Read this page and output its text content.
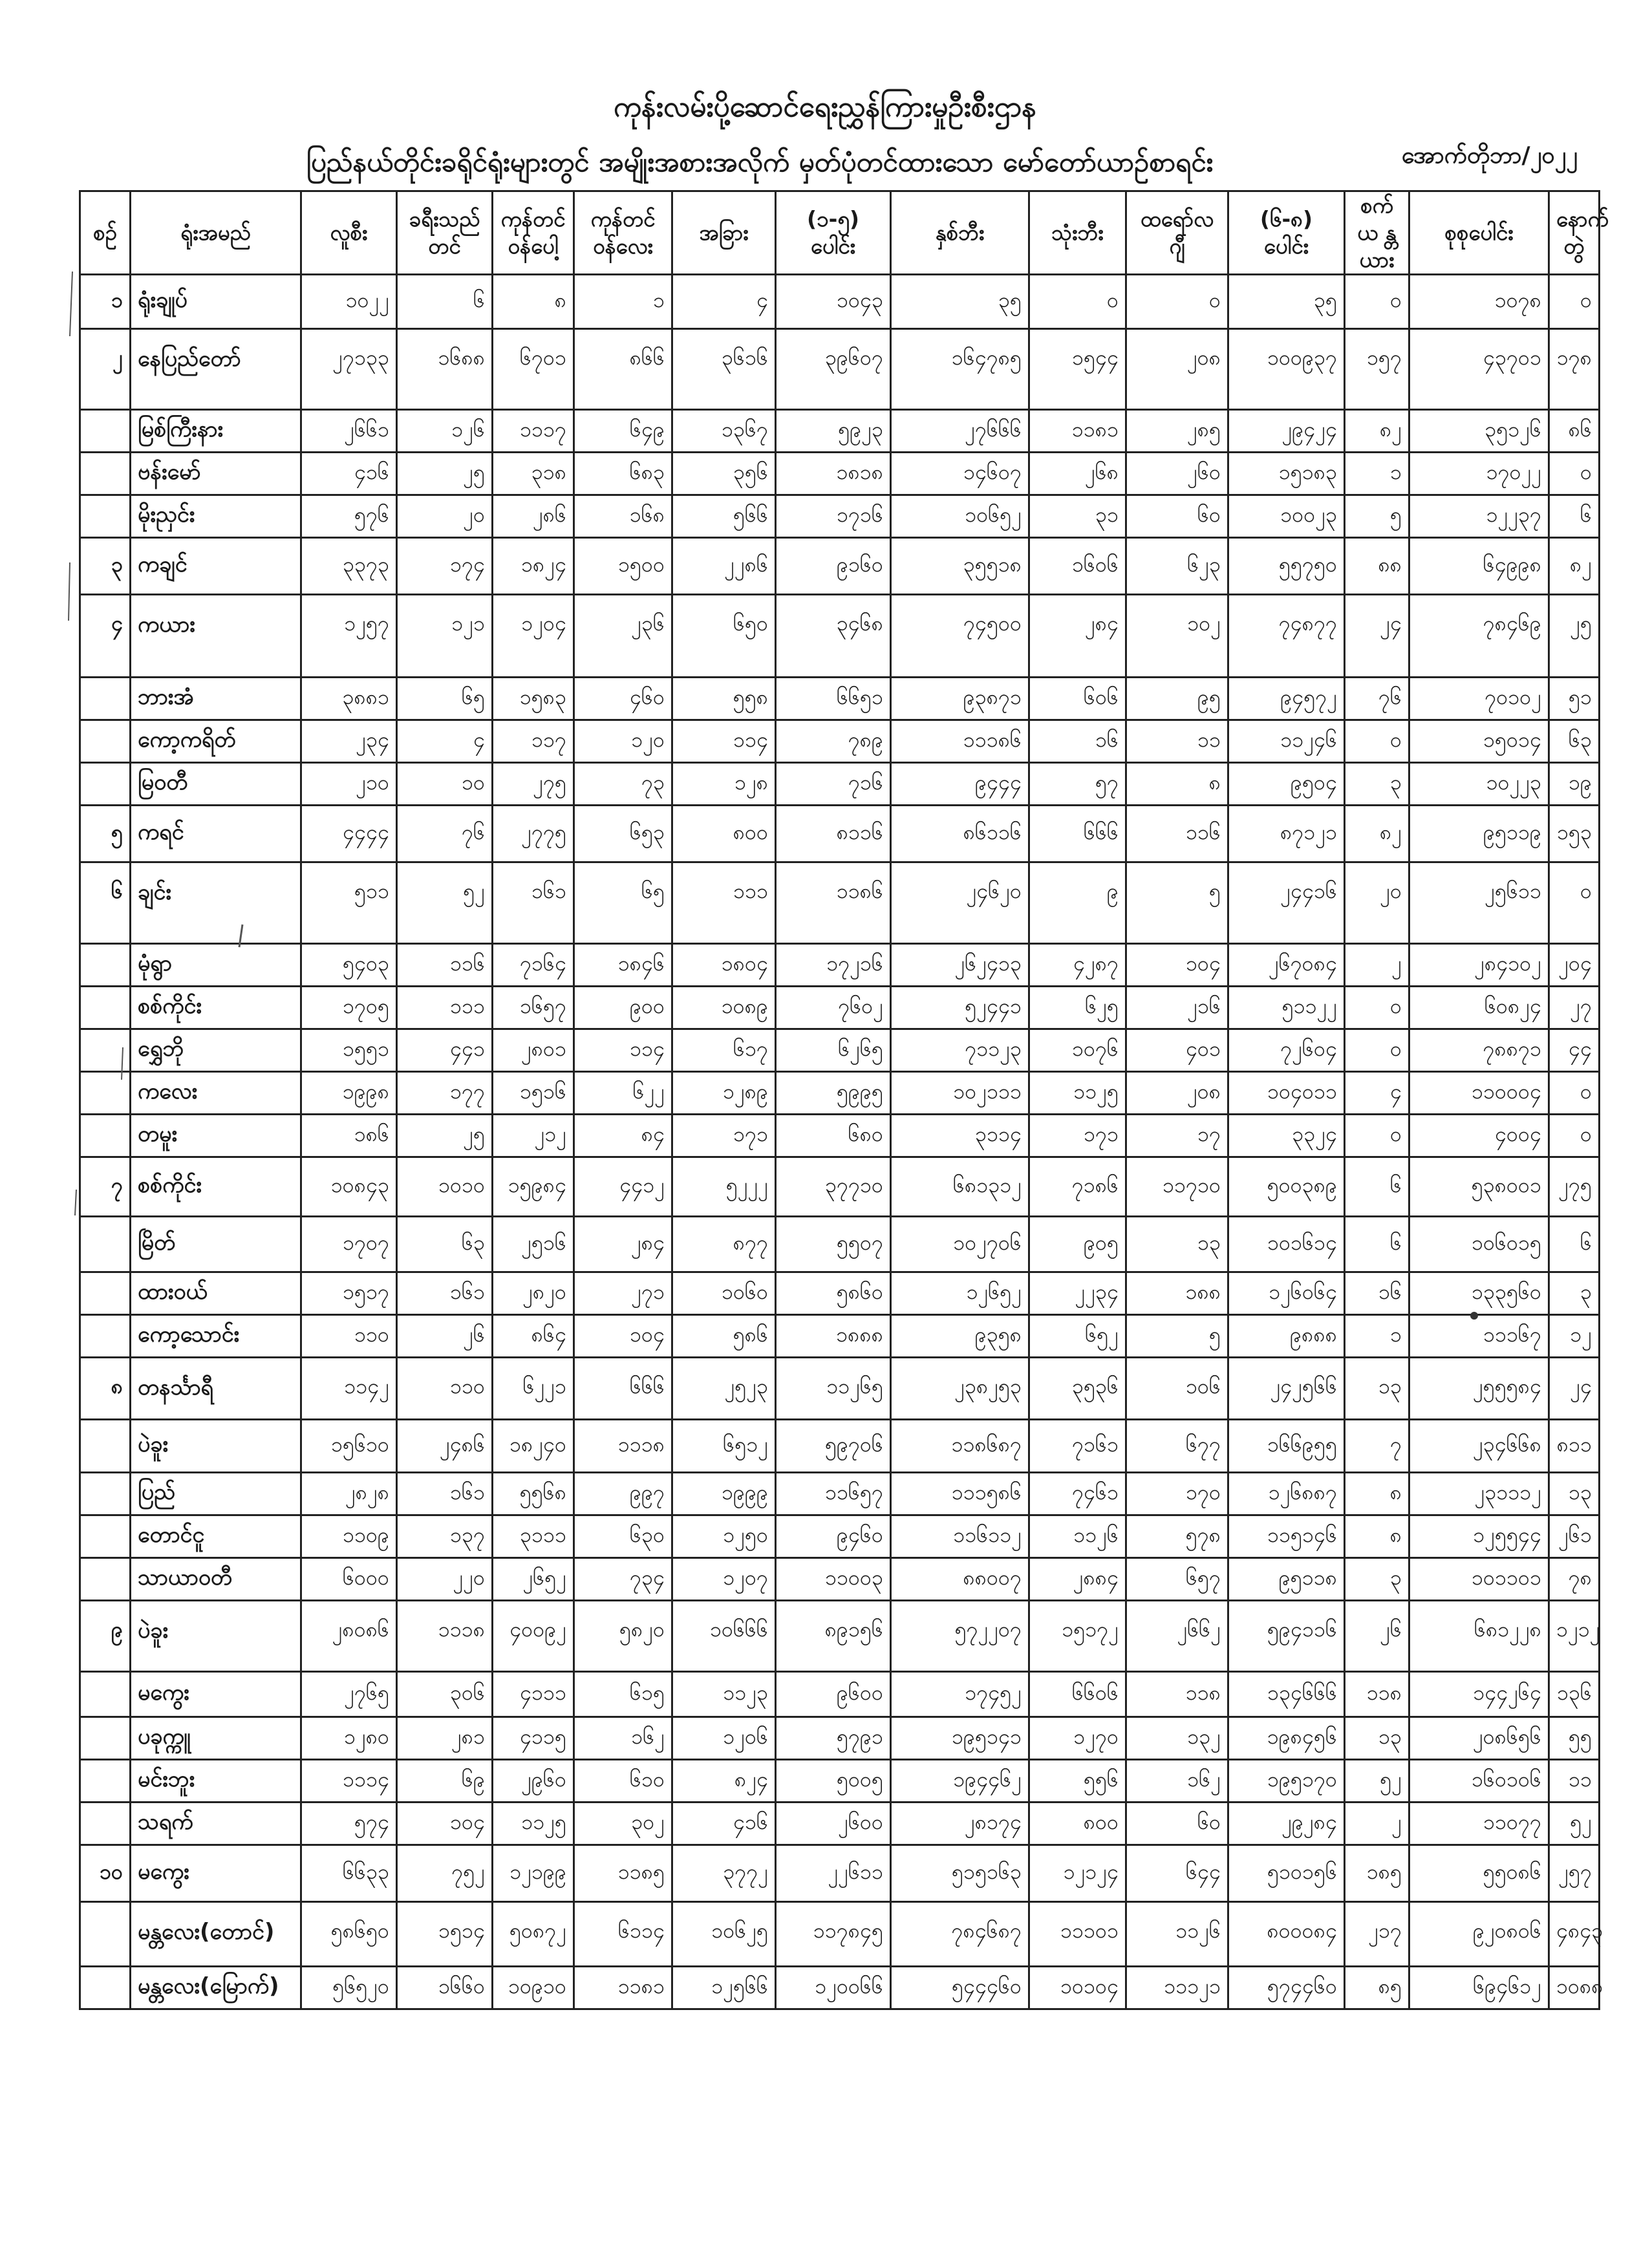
ကုန်းလမ်းပို့ဆောင်ရေးညွှန်ကြားမှုဦးစီးဌာန
ပြည်နယ်တိုင်းခရိုင်ရုံးများတွင် အမျိုးအစားအလိုက် မှတ်ပုံတင်ထားသော မော်တော်ယာဉ်စာရင်း	အောက်တိုဘာ/၂၀၂၂
စဉ်	ရုံးအမည်	လူစီး	ခရီးသည် တင်	ကုန်တင် ဝန်ပေါ့	ကုန်တင် ဝန်လေး	အခြား	(၁-၅) ပေါင်း	နှစ်ဘီး	သုံးဘီး	ထရော်လ ဂျီ	(၆-၈) ပေါင်း	စက်ယ န္တယား	စုစုပေါင်း	နောက်တွဲ
၁	ရုံးချုပ်	၁၀၂၂	၆	၈	၁	၄	၁၀၄၃	၃၅	၀	၀	၃၅	၀	၁၀၇၈	၀
၂	နေပြည်တော်	၂၇၁၃၃	၁၆၈၈	၆၇၀၁	၈၆၆	၃၆၁၆	၃၉၆၀၇	၁၆၄၇၈၅	၁၅၄၄	၂၀၈	၁၀၀၉၃၇	၁၅၇	၄၃၇၀၁	၁၇၈
	မြစ်ကြီးနား	၂၆၆၁	၁၂၆	၁၁၁၇	၆၄၉	၁၃၆၇	၅၉၂၃	၂၇၆၆၆	၁၁၈၁	၂၈၅	၂၉၄၂၄	၈၂	၃၅၁၂၆	၈၆
	ဗန်းမော်	၄၁၆	၂၅	၃၁၈	၆၈၃	၃၅၆	၁၈၁၈	၁၄၆၀၇	၂၆၈	၂၆၀	၁၅၁၈၃	၁	၁၇၀၂၂	၀
	မိုးညှင်း	၅၇၆	၂၀	၂၈၆	၁၆၈	၅၆၆	၁၇၁၆	၁၀၆၅၂	၃၁	၆၀	၁၀၀၂၃	၅	၁၂၂၃၇	၆
၃	ကချင်	၃၃၇၃	၁၇၄	၁၈၂၄	၁၅၀၀	၂၂၈၆	၉၁၆၀	၃၅၅၁၈	၁၆၀၆	၆၂၃	၅၅၇၅၀	၈၈	၆၄၉၉၈	၈၂
၄	ကယား	၁၂၅၇	၁၂၁	၁၂၀၄	၂၃၆	၆၅၀	၃၄၆၈	၇၄၅၀၀	၂၈၄	၁၀၂	၇၄၈၇၇	၂၄	၇၈၄၆၉	၂၅
	ဘားအံ	၃၈၈၁	၆၅	၁၅၈၃	၄၆၀	၅၅၈	၆၆၅၁	၉၃၈၇၁	၆၀၆	၉၅	၉၄၅၇၂	၇၆	၇၀၁၀၂	၅၁
	ကော့ကရိတ်	၂၃၄	၄	၁၁၇	၁၂၀	၁၁၄	၇၈၉	၁၁၁၈၆	၁၆	၁၁	၁၁၂၄၆	၀	၁၅၀၁၄	၆၃
	မြဝတီ	၂၁၀	၁၀	၂၇၅	၇၃	၁၂၈	၇၁၆	၉၄၄၄	၅၇	၈	၉၅၀၄	၃	၁၀၂၂၃	၁၉
၅	ကရင်	၄၄၄၄	၇၆	၂၇၇၅	၆၅၃	၈၀၀	၈၁၁၆	၈၆၁၁၆	၆၆၆	၁၁၆	၈၇၁၂၁	၈၂	၉၅၁၁၉	၁၅၃
၆	ချင်း	၅၁၁	၅၂	၁၆၁	၆၅	၁၁၁	၁၁၈၆	၂၄၆၂၀	၉	၅	၂၄၄၁၆	၂၀	၂၅၆၁၁	၀
	မုံရွာ	၅၄၀၃	၁၁၆	၇၁၆၄	၁၈၄၆	၁၈၀၄	၁၇၂၁၆	၂၆၂၄၁၃	၄၂၈၇	၁၀၄	၂၆၇၀၈၄	၂	၂၈၄၁၀၂	၂၀၄
	စစ်ကိုင်း	၁၇၀၅	၁၁၁	၁၆၅၇	၉၀၀	၁၀၈၉	၇၆၀၂	၅၂၄၄၁	၆၂၅	၂၁၆	၅၁၁၂၂	၀	၆၀၈၂၄	၂၇
	ရွှေဘို	၁၅၅၁	၄၄၁	၂၈၀၁	၁၁၄	၆၁၇	၆၂၆၅	၇၁၁၂၃	၁၀၇၆	၄၀၁	၇၂၆၀၄	၀	၇၈၈၇၁	၄၄
	ကလေး	၁၉၉၈	၁၇၇	၁၅၁၆	၆၂၂	၁၂၈၉	၅၉၉၅	၁၀၂၁၁၁	၁၁၂၅	၂၀၈	၁၀၄၀၁၁	၄	၁၁၀၀၀၄	၀
	တမူး	၁၈၆	၂၅	၂၁၂	၈၄	၁၇၁	၆၈၀	၃၁၁၄	၁၇၁	၁၇	၃၃၂၄	၀	၄၀၀၄	၀
၇	စစ်ကိုင်း	၁၀၈၄၃	၁၀၁၀	၁၅၉၈၄	၄၄၁၂	၅၂၂၂	၃၇၇၁၀	၆၈၁၃၁၂	၇၁၈၆	၁၁၇၁၀	၅၀၀၃၈၉	၆	၅၃၈၀၀၁	၂၇၅
	မြိတ်	၁၇၀၇	၆၃	၂၅၁၆	၂၈၄	၈၇၇	၅၅၀၇	၁၀၂၇၀၆	၉၀၅	၁၃	၁၀၁၆၁၄	၆	၁၀၆၀၁၅	၆
	ထားဝယ်	၁၅၁၇	၁၆၁	၂၈၂၀	၂၇၁	၁၀၆၀	၅၈၆၀	၁၂၆၅၂	၂၂၃၄	၁၈၈	၁၂၆၀၆၄	၁၆	၁၃၃၅၆၀	၃
	ကော့သောင်း	၁၁၀	၂၆	၈၆၄	၁၀၄	၅၈၆	၁၈၈၈	၉၃၅၈	၆၅၂	၅	၉၈၈၈	၁	၁၁၁၆၇	၁၂
၈	တနင်္သာရီ	၁၁၄၂	၁၁၀	၆၂၂၁	၆၆၆	၂၅၂၃	၁၁၂၆၅	၂၃၈၂၅၃	၃၅၃၆	၁၀၆	၂၄၂၅၆၆	၁၃	၂၅၅၅၈၄	၂၄
	ပဲခူး	၁၅၆၁၀	၂၄၈၆	၁၈၂၄၀	၁၁၁၈	၆၅၁၂	၅၉၇၀၆	၁၁၈၆၈၇	၇၁၆၁	၆၇၇	၁၆၆၉၅၅	၇	၂၃၄၆၆၈	၈၁၁
	ပြည်	၂၈၂၈	၁၆၁	၅၅၆၈	၉၉၇	၁၉၉၉	၁၁၆၅၇	၁၁၁၅၈၆	၇၄၆၁	၁၇၀	၁၂၆၈၈၇	၈	၂၃၁၁၁၂	၁၃
	တောင်ငူ	၁၁၀၉	၁၃၇	၃၁၁၁	၆၃၀	၁၂၅၀	၉၄၆၀	၁၁၆၁၁၂	၁၁၂၆	၅၇၈	၁၁၅၁၄၆	၈	၁၂၅၅၄၄	၂၆၁
	သာယာဝတီ	၆၀၀၀	၂၂၀	၂၆၅၂	၇၃၄	၁၂၀၇	၁၁၀၀၃	၈၈၀၀၇	၂၈၈၄	၆၅၇	၉၅၁၁၈	၃	၁၀၁၁၀၁	၇၈
၉	ပဲခူး	၂၈၀၈၆	၁၁၁၈	၄၀၀၉၂	၅၈၂၀	၁၀၆၆၆	၈၉၁၅၆	၅၇၂၂၀၇	၁၅၁၇၂	၂၆၆၂	၅၉၄၁၁၆	၂၆	၆၈၁၂၂၈	၁၂၁၂
	မကွေး	၂၇၆၅	၃၀၆	၄၁၁၁	၆၁၅	၁၁၂၃	၉၆၀၀	၁၇၄၅၂	၆၆၀၆	၁၁၈	၁၃၄၆၆၆	၁၁၈	၁၄၄၂၆၄	၁၃၆
	ပခုက္ကူ	၁၂၈၀	၂၈၁	၄၁၁၅	၁၆၂	၁၂၀၆	၅၇၉၁	၁၉၅၁၄၁	၁၂၇၀	၁၃၂	၁၉၈၄၅၆	၁၃	၂၀၈၆၅၆	၅၅
	မင်းဘူး	၁၁၁၄	၆၉	၂၉၆၀	၆၁၀	၈၂၄	၅၀၀၅	၁၉၄၄၆၂	၅၅၆	၁၆၂	၁၉၅၁၇၀	၅၂	၁၆၀၁၀၆	၁၁
	သရက်	၅၇၄	၁၀၄	၁၁၂၅	၃၀၂	၄၁၆	၂၆၀၀	၂၈၁၇၄	၈၀၀	၆၀	၂၉၂၈၄	၂	၁၁၀၇၇	၅၂
၁၀	မကွေး	၆၆၃၃	၇၅၂	၁၂၁၉၉	၁၁၈၅	၃၇၇၂	၂၂၆၁၁	၅၁၅၁၆၃	၁၂၁၂၄	၆၄၄	၅၁၀၁၅၆	၁၈၅	၅၅၀၈၆	၂၅၇
	မန္တလေး(တောင်)	၅၈၆၅၀	၁၅၁၄	၅၀၈၇၂	၆၁၁၄	၁၀၆၂၅	၁၁၇၈၄၅	၇၈၄၆၈၇	၁၁၁၀၁	၁၁၂၆	၈၀၀၀၈၄	၂၁၇	၉၂၀၈၀၆	၄၈၄၃
	မန္တလေး(မြောက်)	၅၆၅၂၀	၁၆၆၀	၁၀၉၁၀	၁၁၈၁	၁၂၅၆၆	၁၂၀၀၆၆	၅၄၄၄၆၀	၁၀၁၀၄	၁၁၁၂၁	၅၇၄၄၆၀	၈၅	၆၉၄၆၁၂	၁၀၈၈
